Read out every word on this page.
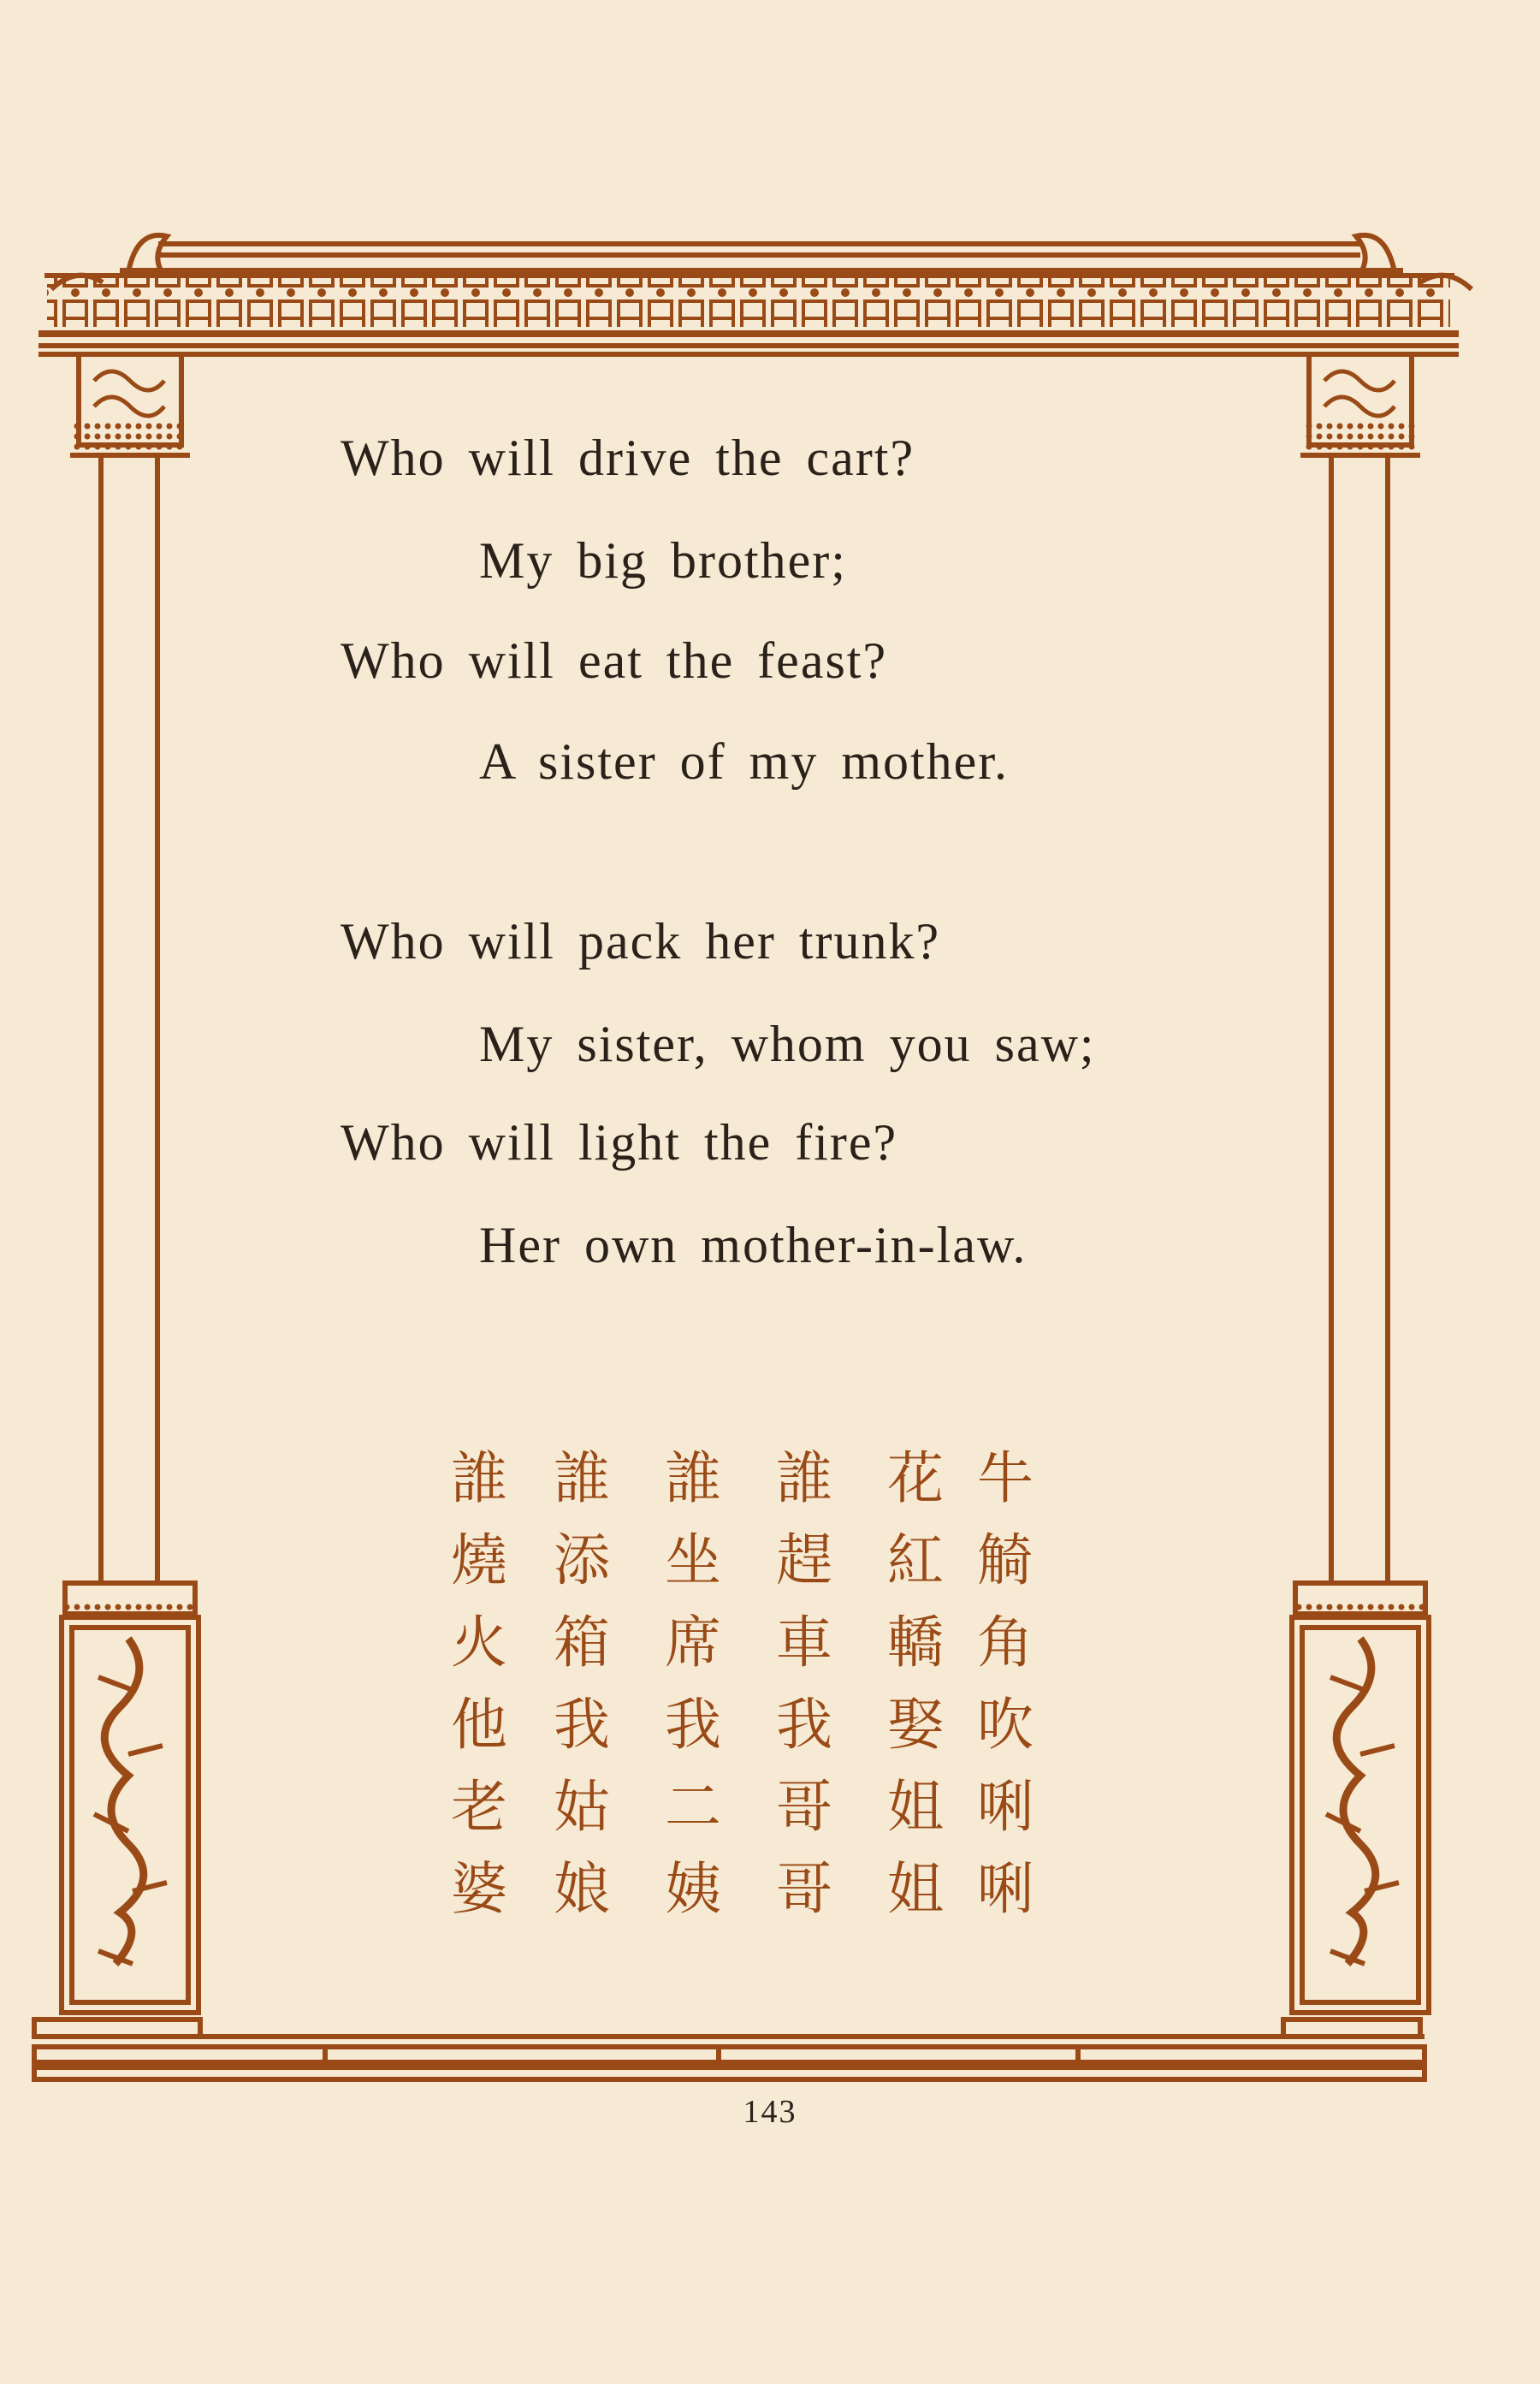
Who will drive the cart?
My big brother;
Who will eat the feast?
A sister of my mother.
Who will pack her trunk?
My sister, whom you saw;
Who will light the fire?
Her own mother-in-law.
牛觭角吹唎唎
花紅轎娶姐姐
誰趕車我哥哥
誰坐席我二姨
誰添箱我姑娘
誰燒火他老婆
143
